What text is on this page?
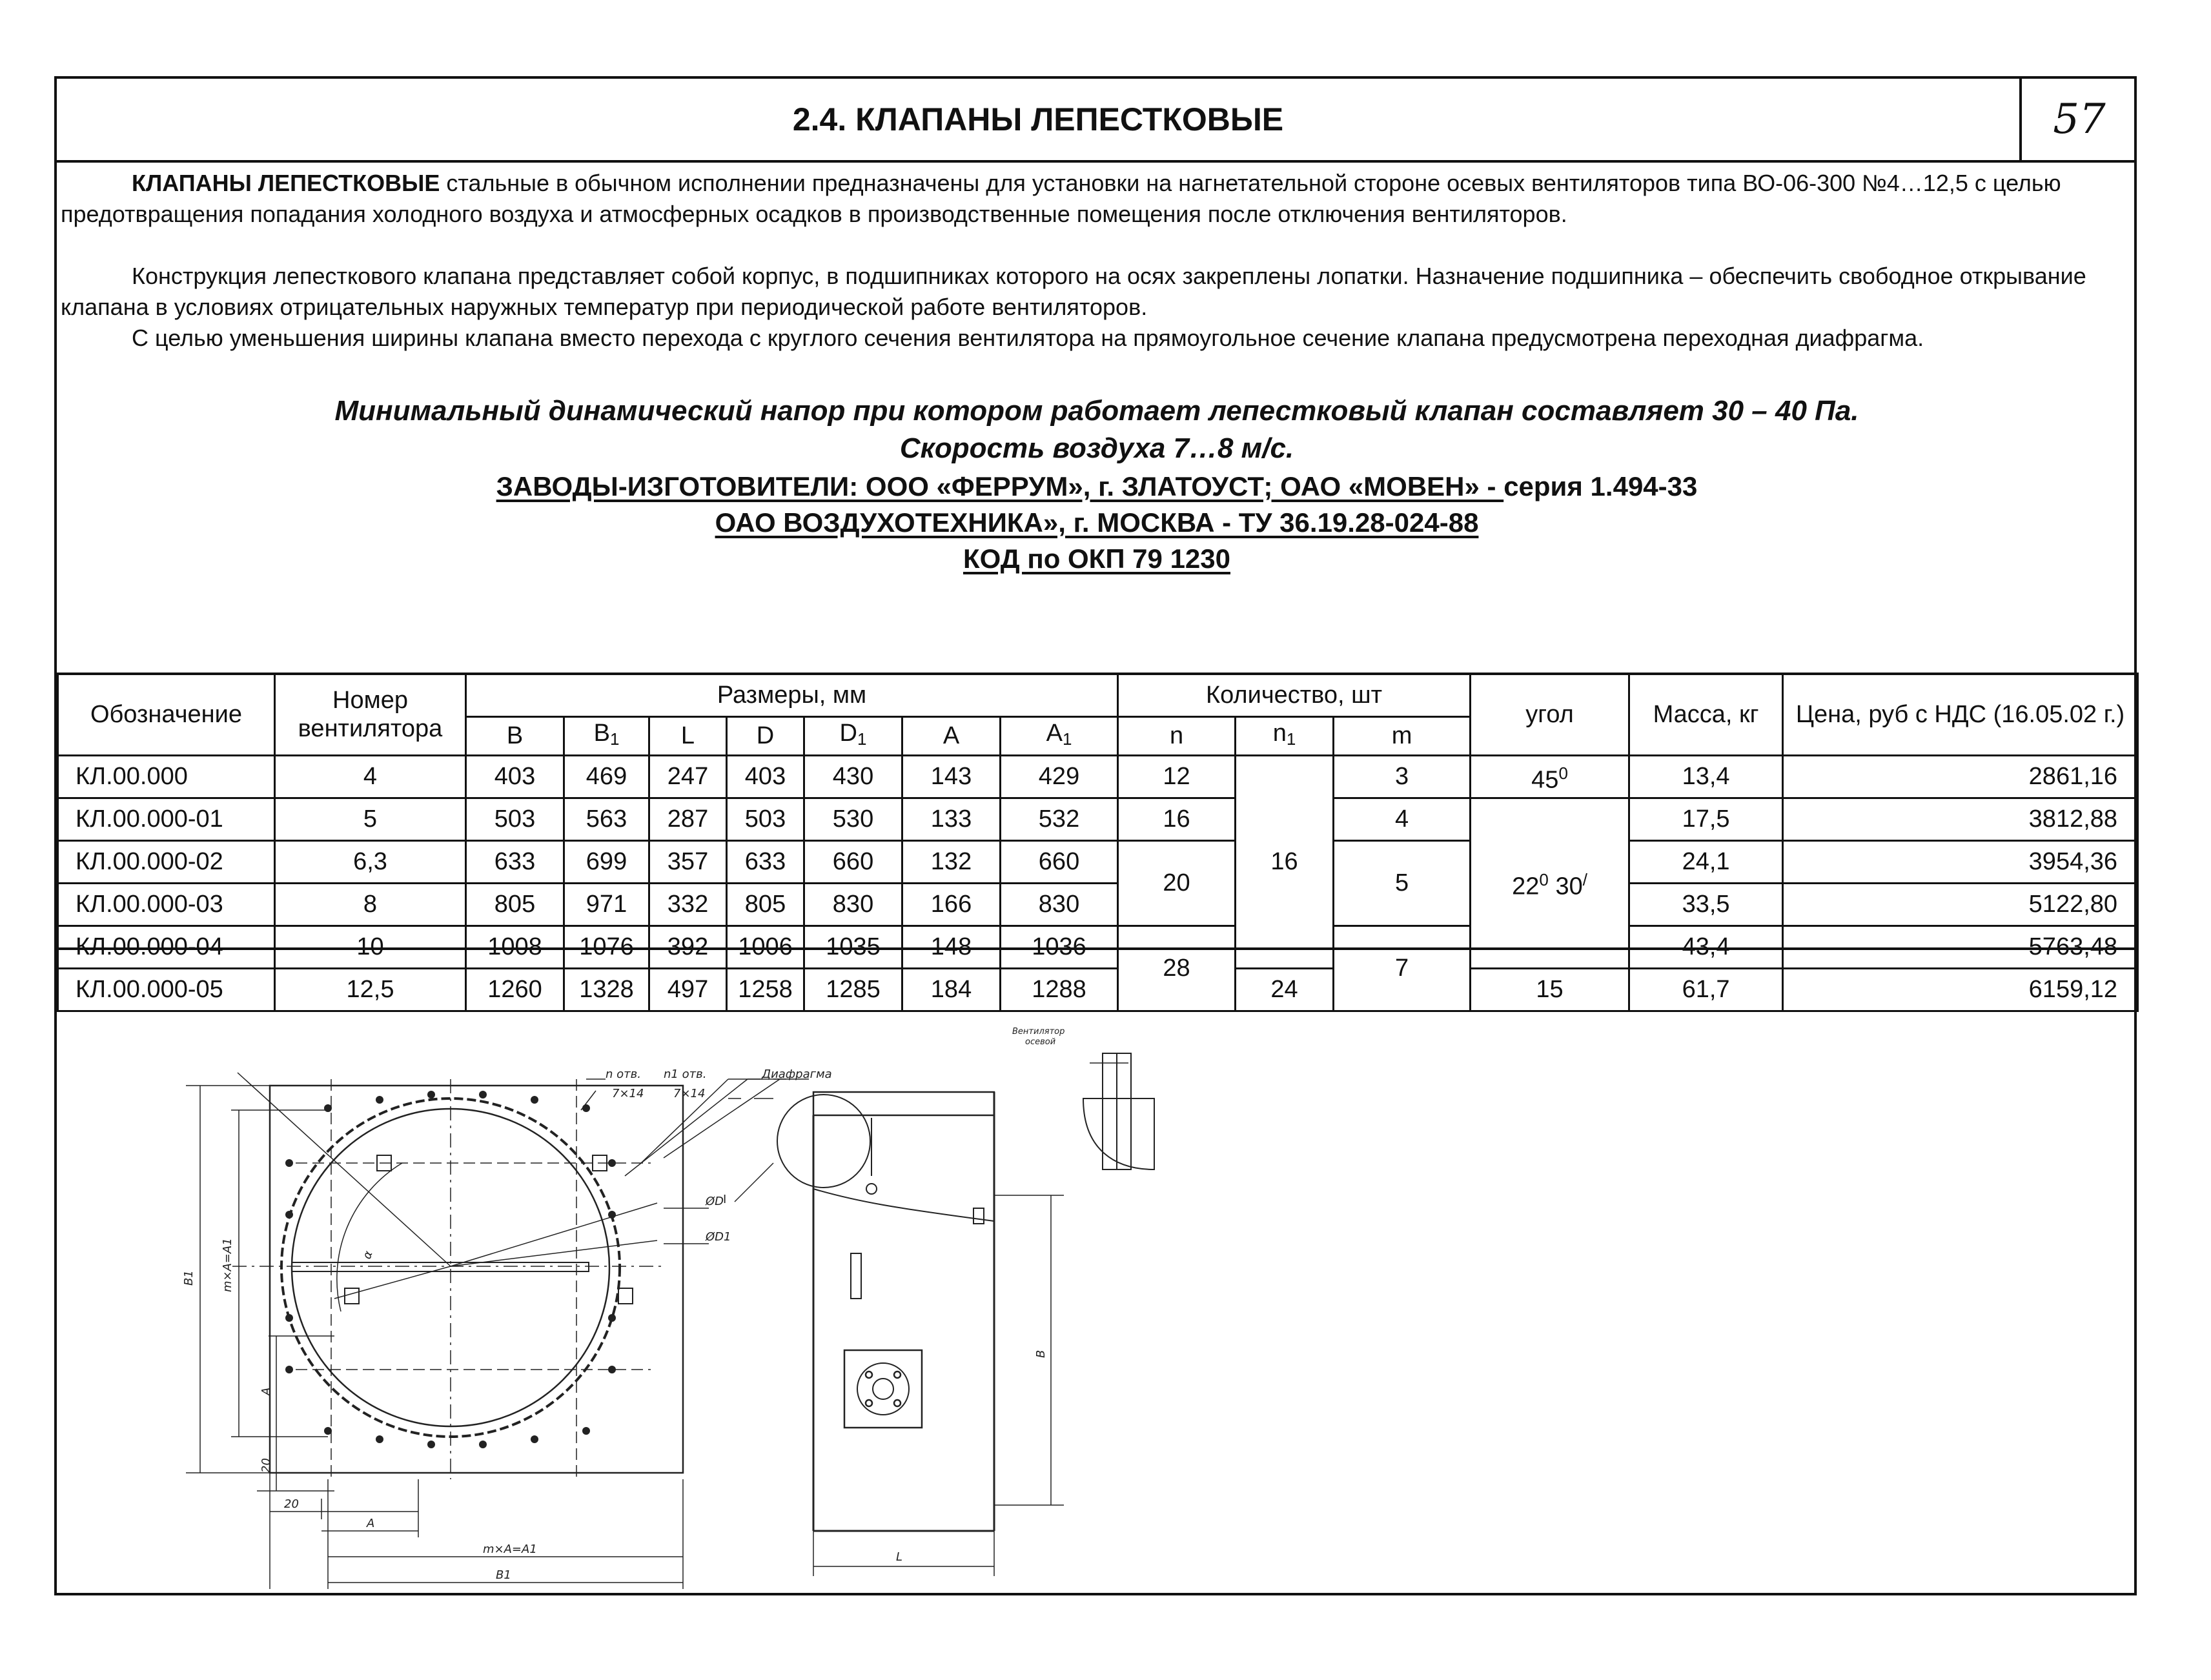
2.4. КЛАПАНЫ ЛЕПЕСТКОВЫЕ	57

КЛАПАНЫ ЛЕПЕСТКОВЫЕ стальные в обычном исполнении предназначены для установки на нагнетательной стороне осевых вентиляторов типа ВО-06-300 №4…12,5 с целью предотвращения попадания холодного воздуха и атмосферных осадков в производственные помещения после отключения вентиляторов.

Конструкция лепесткового клапана представляет собой корпус, в подшипниках которого на осях закреплены лопатки. Назначение подшипника – обеспечить свободное открывание клапана в условиях отрицательных наружных температур при периодической работе вентиляторов.

С целью уменьшения ширины клапана вместо перехода с круглого сечения вентилятора на прямоугольное сечение клапана предусмотрена переходная диафрагма.

Минимальный динамический напор при котором работает лепестковый клапан составляет 30 – 40 Па.
Скорость воздуха 7…8 м/с.
ЗАВОДЫ-ИЗГОТОВИТЕЛИ: ООО «ФЕРРУМ», г. ЗЛАТОУСТ; ОАО «МОВЕН» - серия 1.494-33
ОАО ВОЗДУХОТЕХНИКА», г. МОСКВА - ТУ 36.19.28-024-88
КОД по ОКП 79 1230
Обозначение	Номер вентилятора	Размеры, мм							Количество, шт			угол	Масса, кг	Цена, руб с НДС (16.05.02 г.)
		B	$B_1$	L	D	$D_1$	A	$A_1$	n	$n_1$	m			
КЛ.00.000	4	403	469	247	403	430	143	429	12	16	3	$45^0$	13,4	2861,16
КЛ.00.000-01	5	503	563	287	503	530	133	532	16		4	$22^0$ 30/	17,5	3812,88
КЛ.00.000-02	6,3	633	699	357	633	660	132	660	20		5		24,1	3954,36
КЛ.00.000-03	8	805	971	332	805	830	166	830					33,5	5122,80
КЛ.00.000-04	10	1008	1076	392	1006	1035	148	1036	28		7		43,4	5763,48
КЛ.00.000-05	12,5	1260	1328	497	1258	1285	184	1288		24		15	61,7	6159,12
n отв.
7×14
n1 отв.
7×14
Диафрагма
Вентилятор
осевой
I
ØD
ØD1
α
B1 m×A=A1
A
20
20
A
m×A=A1
B1
B
L
